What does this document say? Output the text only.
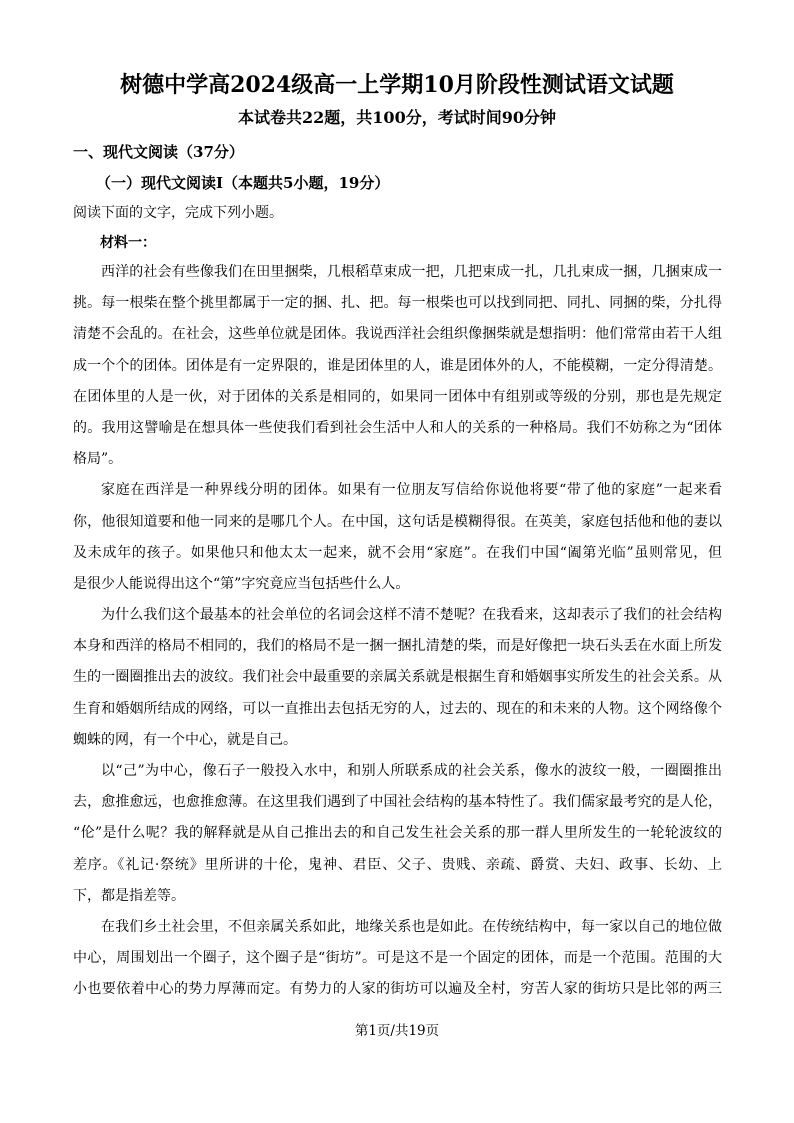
树德中学高2024级高一上学期10月阶段性测试语文试题
本试卷共22题，共100分，考试时间90分钟
一、现代文阅读（37分）
（一）现代文阅读Ⅰ（本题共5小题，19分）
阅读下面的文字，完成下列小题。
材料一：
西洋的社会有些像我们在田里捆柴，几根稻草束成一把，几把束成一扎，几扎束成一捆，几捆束成一
挑。每一根柴在整个挑里都属于一定的捆、扎、把。每一根柴也可以找到同把、同扎、同捆的柴，分扎得
清楚不会乱的。在社会，这些单位就是团体。我说西洋社会组织像捆柴就是想指明：他们常常由若干人组
成一个个的团体。团体是有一定界限的，谁是团体里的人，谁是团体外的人，不能模糊，一定分得清楚。
在团体里的人是一伙，对于团体的关系是相同的，如果同一团体中有组别或等级的分别，那也是先规定
的。我用这譬喻是在想具体一些使我们看到社会生活中人和人的关系的一种格局。我们不妨称之为“团体
格局”。
家庭在西洋是一种界线分明的团体。如果有一位朋友写信给你说他将要“带了他的家庭”一起来看
你，他很知道要和他一同来的是哪几个人。在中国，这句话是模糊得很。在英美，家庭包括他和他的妻以
及未成年的孩子。如果他只和他太太一起来，就不会用“家庭”。在我们中国“阖第光临”虽则常见，但
是很少人能说得出这个“第”字究竟应当包括些什么人。
为什么我们这个最基本的社会单位的名词会这样不清不楚呢？在我看来，这却表示了我们的社会结构
本身和西洋的格局不相同的，我们的格局不是一捆一捆扎清楚的柴，而是好像把一块石头丢在水面上所发
生的一圈圈推出去的波纹。我们社会中最重要的亲属关系就是根据生育和婚姻事实所发生的社会关系。从
生育和婚姻所结成的网络，可以一直推出去包括无穷的人，过去的、现在的和未来的人物。这个网络像个
蜘蛛的网，有一个中心，就是自己。
以“己”为中心，像石子一般投入水中，和别人所联系成的社会关系，像水的波纹一般，一圈圈推出
去，愈推愈远，也愈推愈薄。在这里我们遇到了中国社会结构的基本特性了。我们儒家最考究的是人伦，
“伦”是什么呢？我的解释就是从自己推出去的和自己发生社会关系的那一群人里所发生的一轮轮波纹的
差序。《礼记·祭统》里所讲的十伦，鬼神、君臣、父子、贵贱、亲疏、爵赏、夫妇、政事、长幼、上
下，都是指差等。
在我们乡土社会里，不但亲属关系如此，地缘关系也是如此。在传统结构中，每一家以自己的地位做
中心，周围划出一个圈子，这个圈子是“街坊”。可是这不是一个固定的团体，而是一个范围。范围的大
小也要依着中心的势力厚薄而定。有势力的人家的街坊可以遍及全村，穷苦人家的街坊只是比邻的两三
第1页/共19页
